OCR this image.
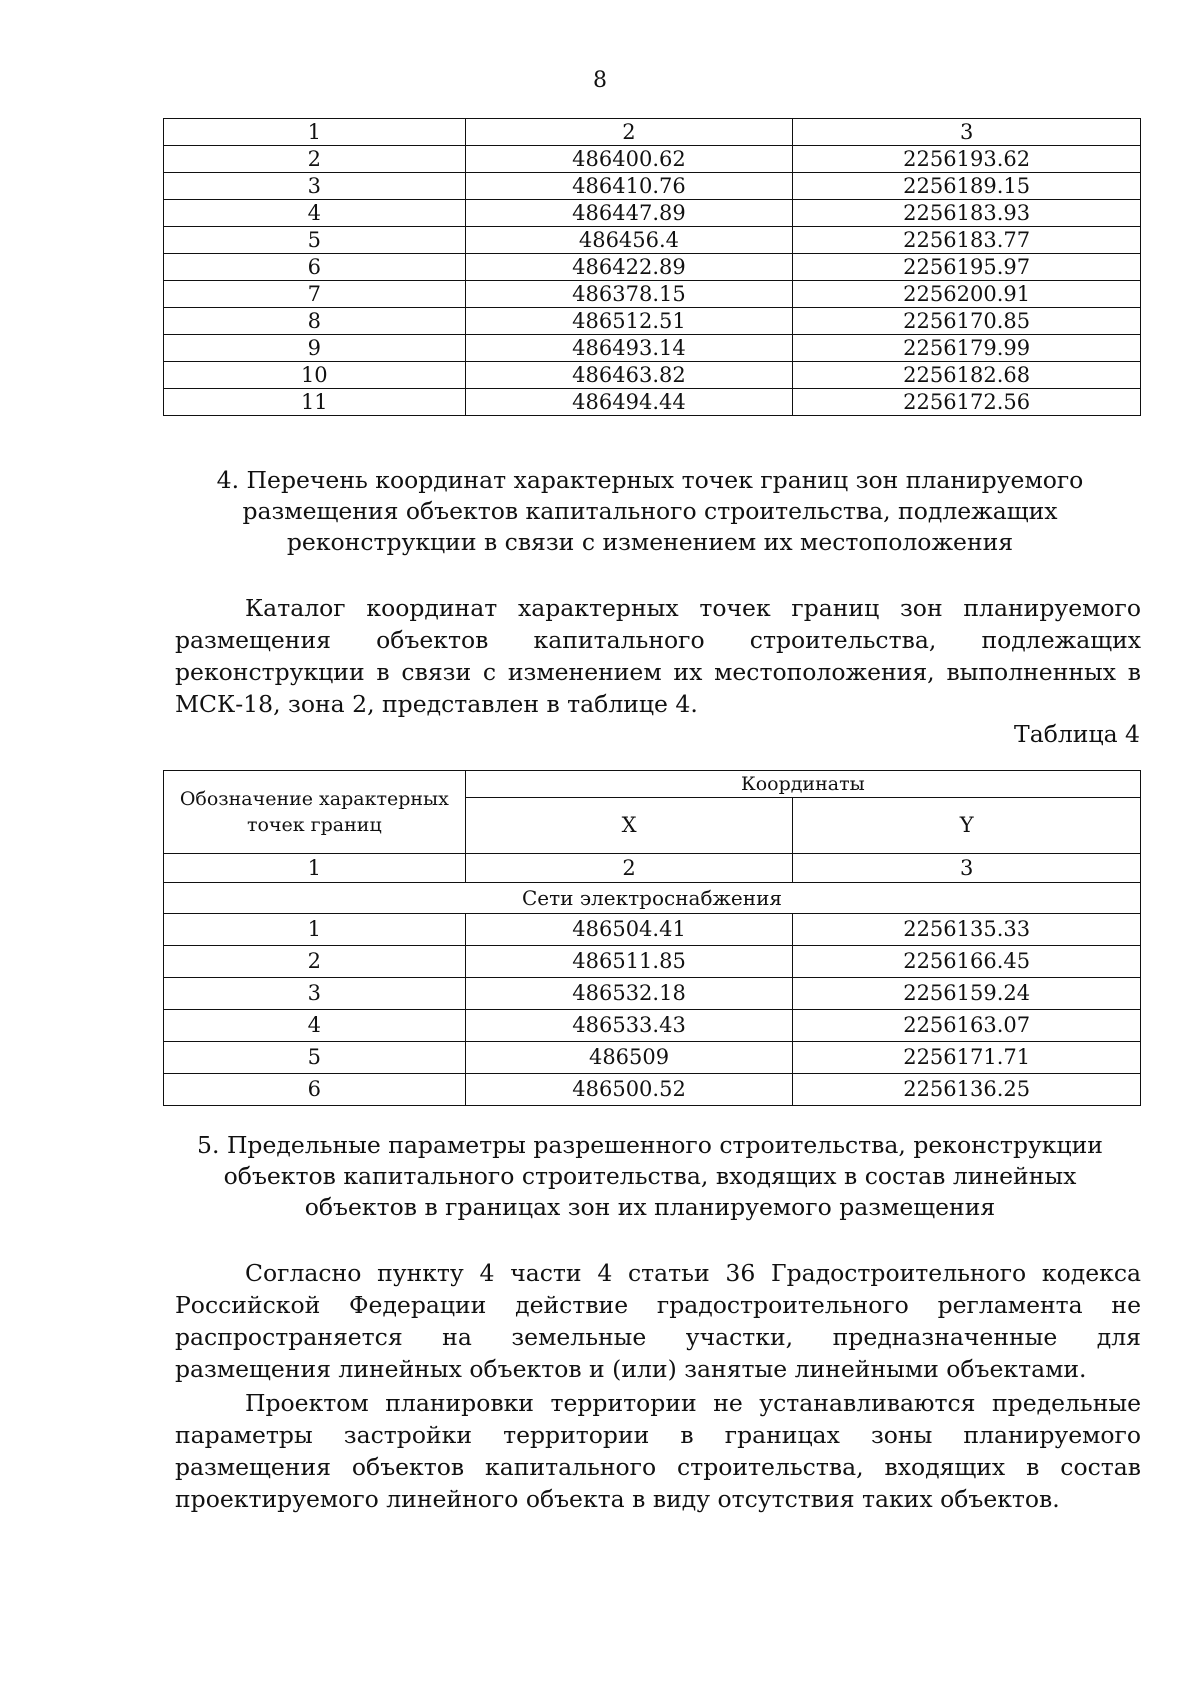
8
1	2	3
2	486400.62	2256193.62
3	486410.76	2256189.15
4	486447.89	2256183.93
5	486456.4	2256183.77
6	486422.89	2256195.97
7	486378.15	2256200.91
8	486512.51	2256170.85
9	486493.14	2256179.99
10	486463.82	2256182.68
11	486494.44	2256172.56
4. Перечень координат характерных точек границ зон планируемого размещения объектов капитального строительства, подлежащих реконструкции в связи с изменением их местоположения
Каталог координат характерных точек границ зон планируемого размещения объектов капитального строительства, подлежащих реконструкции в связи с изменением их местоположения, выполненных в МСК-18, зона 2, представлен в таблице 4.
Таблица 4
Обозначение характерных точек границ	Координаты	
	X	Y
1	2	3
Сети электроснабжения		
1	486504.41	2256135.33
2	486511.85	2256166.45
3	486532.18	2256159.24
4	486533.43	2256163.07
5	486509	2256171.71
6	486500.52	2256136.25
5. Предельные параметры разрешенного строительства, реконструкции объектов капитального строительства, входящих в состав линейных объектов в границах зон их планируемого размещения
Согласно пункту 4 части 4 статьи 36 Градостроительного кодекса Российской Федерации действие градостроительного регламента не распространяется на земельные участки, предназначенные для размещения линейных объектов и (или) занятые линейными объектами.
Проектом планировки территории не устанавливаются предельные параметры застройки территории в границах зоны планируемого размещения объектов капитального строительства, входящих в состав проектируемого линейного объекта в виду отсутствия таких объектов.
